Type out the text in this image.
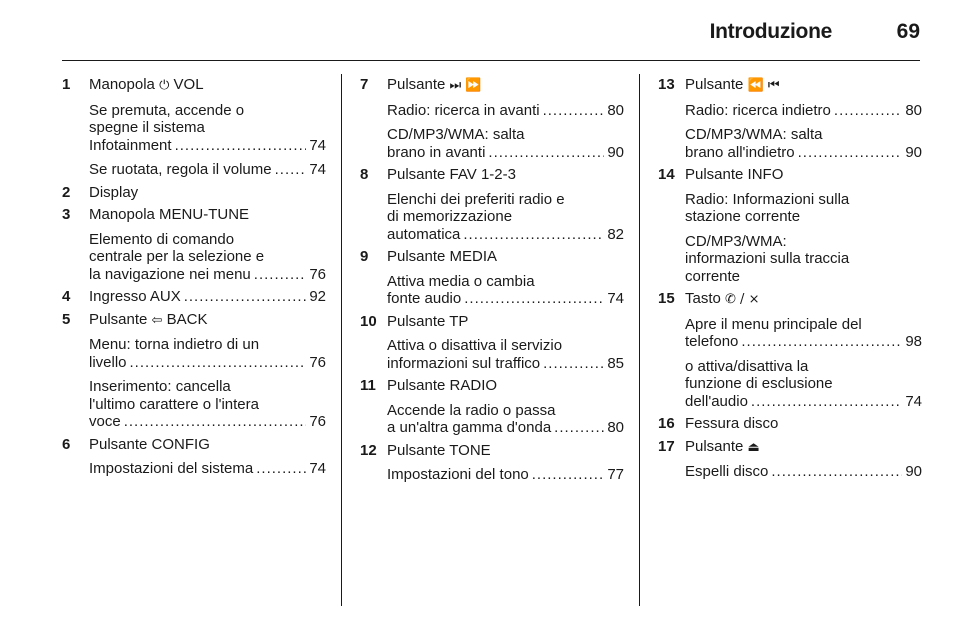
Introduzione	69
1 Manopola ⏻ VOL
Se premuta, accende o
spegne il sistema
Infotainment .....	74
Se ruotata, regola il volume .....	74
2 Display
3 Manopola MENU-TUNE
Elemento di comando
centrale per la selezione e
la navigazione nei menu .....	76
4 Ingresso AUX .....	92
5 Pulsante ⇦ BACK
Menu: torna indietro di un
livello .....	76
Inserimento: cancella
l'ultimo carattere o l'intera
voce .....	76
6 Pulsante CONFIG
Impostazioni del sistema .....	74
7 Pulsante ⏭ ⏩
Radio: ricerca in avanti .....	80
CD/MP3/WMA: salta
brano in avanti .....	90
8 Pulsante FAV 1-2-3
Elenchi dei preferiti radio e
di memorizzazione
automatica .....	82
9 Pulsante MEDIA
Attiva media o cambia
fonte audio .....	74
10 Pulsante TP
Attiva o disattiva il servizio
informazioni sul traffico .....	85
11 Pulsante RADIO
Accende la radio o passa
a un'altra gamma d'onda .....	80
12 Pulsante TONE
Impostazioni del tono .....	77
13 Pulsante ⏪ ⏮
Radio: ricerca indietro .....	80
CD/MP3/WMA: salta
brano all'indietro .....	90
14 Pulsante INFO
Radio: Informazioni sulla
stazione corrente
CD/MP3/WMA:
informazioni sulla traccia
corrente
15 Tasto ✆ / ⨯
Apre il menu principale del
telefono .....	98
o attiva/disattiva la
funzione di esclusione
dell'audio .....	74
16 Fessura disco
17 Pulsante ⏏
Espelli disco .....	90
